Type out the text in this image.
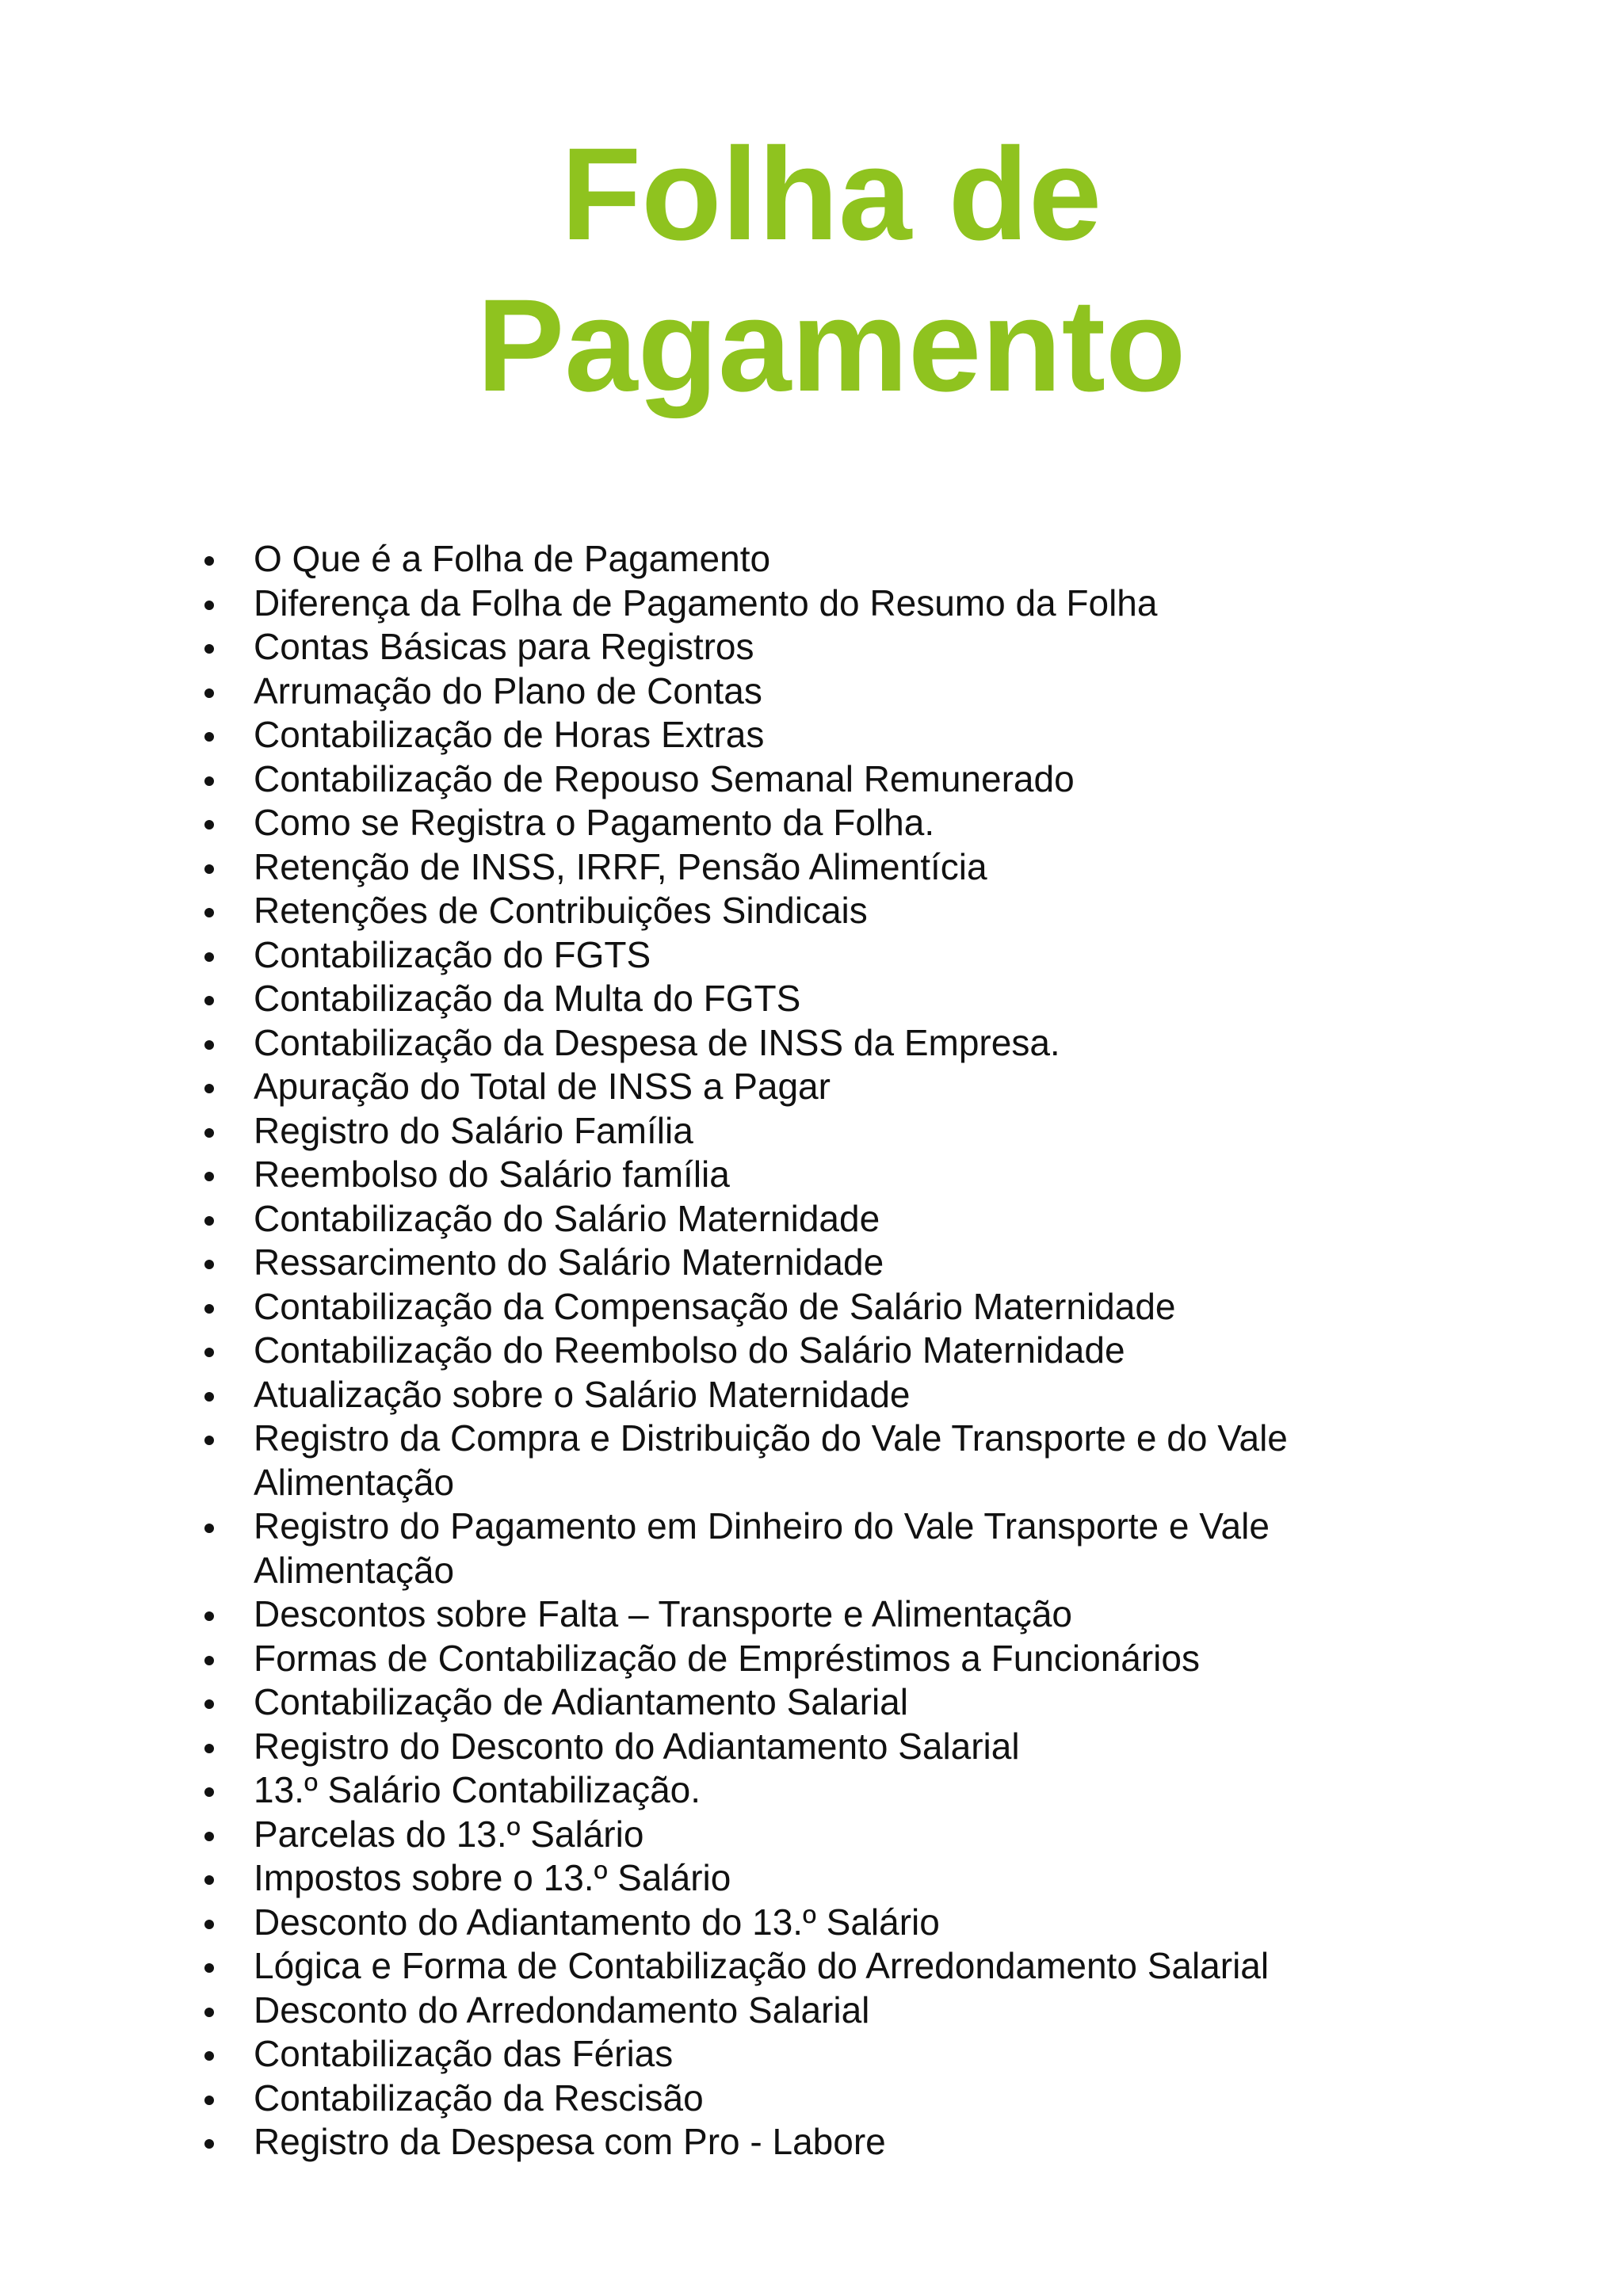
Folha de
Pagamento
O Que é a Folha de Pagamento
Diferença da Folha de Pagamento do Resumo da Folha
Contas Básicas para Registros
Arrumação do Plano de Contas
Contabilização de Horas Extras
Contabilização de Repouso Semanal Remunerado
Como se Registra o Pagamento da Folha.
Retenção de INSS, IRRF, Pensão Alimentícia
Retenções de Contribuições Sindicais
Contabilização do FGTS
Contabilização da Multa do FGTS
Contabilização da Despesa de INSS da Empresa.
Apuração do Total de INSS a Pagar
Registro do Salário Família
Reembolso do Salário família
Contabilização do Salário Maternidade
Ressarcimento do Salário Maternidade
Contabilização da Compensação de Salário Maternidade
Contabilização do Reembolso do Salário Maternidade
Atualização sobre o Salário Maternidade
Registro da Compra e Distribuição do Vale Transporte e do Vale Alimentação
Registro do Pagamento em Dinheiro do Vale Transporte e Vale Alimentação
Descontos sobre Falta – Transporte e Alimentação
Formas de Contabilização de Empréstimos a Funcionários
Contabilização de Adiantamento Salarial
Registro do Desconto do Adiantamento Salarial
13.º Salário Contabilização.
Parcelas do 13.º Salário
Impostos sobre o 13.º Salário
Desconto do Adiantamento do 13.º Salário
Lógica e Forma de Contabilização do Arredondamento Salarial
Desconto do Arredondamento Salarial
Contabilização das Férias
Contabilização da Rescisão
Registro da Despesa com Pro - Labore
